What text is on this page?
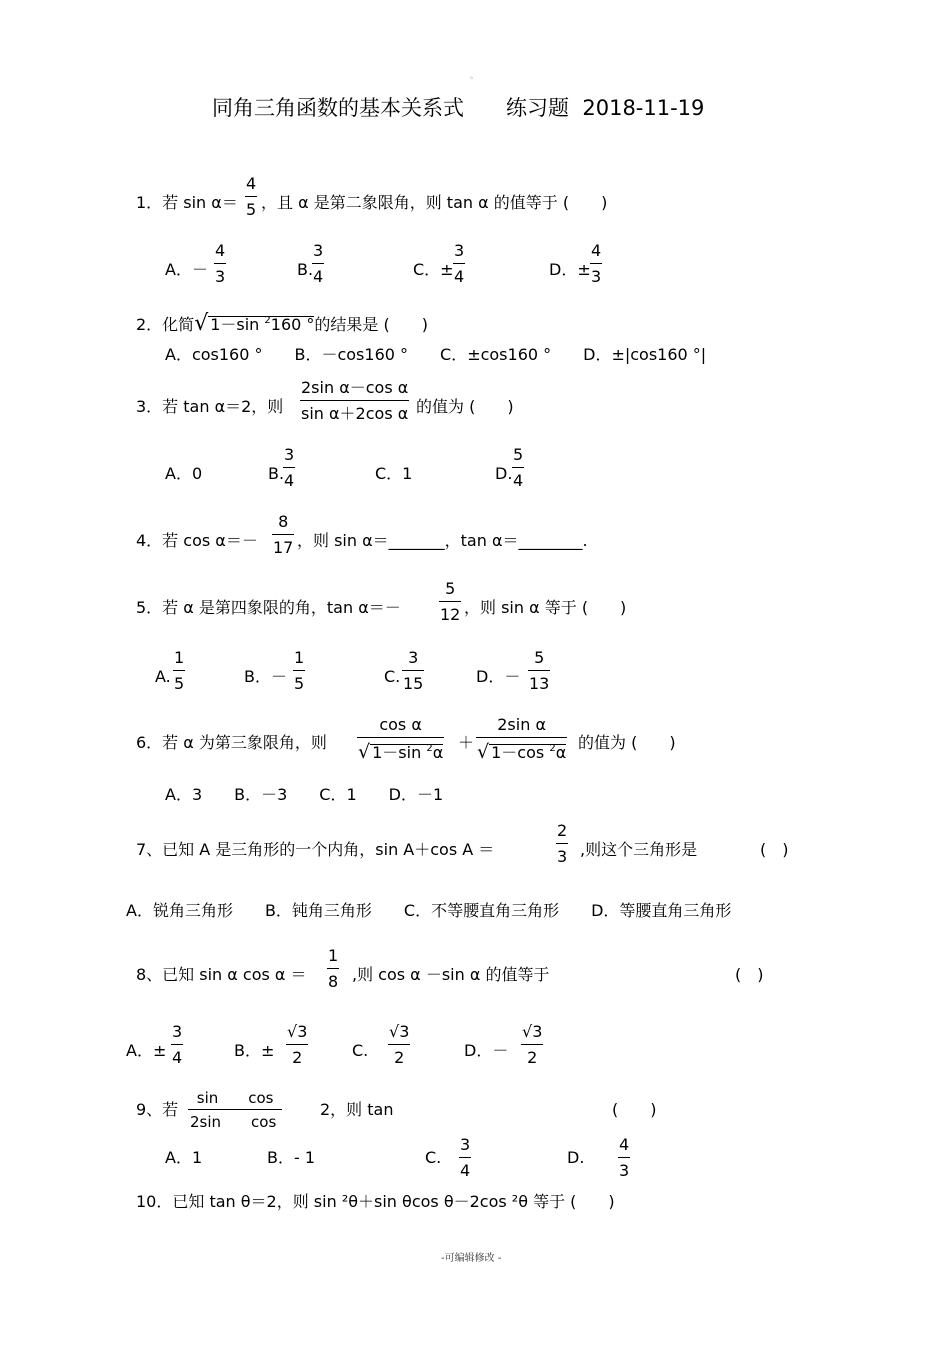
。
同角三角函数的基本关系式 练习题 2018-11-19
1．若 sin α＝
4
5 ，且 α 是第二象限角，则 tan α 的值等于 (　　)
A．－
4
3	B.
3
4	C．±
3
4	D．±
4
3
2．化简√ 1－sin $^2$160 °的结果是 (　　)
A．cos160 °　　B．－cos160 °　　C．±cos160 °　　D．±|cos160 °|
3．若 tan α＝2，则
2sin α－cos α
sin α＋2cos α 的值为 (　　)
A．0	B.
3
4	C．1	D.
5
4
4．若 cos α＝－
8
17 ，则 sin α＝_______，tan α＝________.
5．若 α 是第四象限的角，tan α＝－
5
12 ，则 sin α 等于 (　　)
A.
1
5	B．－
1
5	C.
3
15	D．－
5
13
6．若 α 为第三象限角，则
cos α
√ 1－sin $^2$α
＋
2sin α
√ 1－cos $^2$α
的值为 (　　)
A．3　　B．－3　　C．1　　D．－1
7、已知 A 是三角形的一个内角，sin A＋cos A ＝
2
3 ,则这个三角形是	(　)
A．锐角三角形　　B．钝角三角形　　C．不等腰直角三角形　　D．等腰直角三角形
8、已知 sin α cos α ＝
1
8 ,则 cos α －sin α 的值等于	(　)
A．±
3
4	B．±
√3
2	C.
√3
2	D．－
√3
2
9、若
sin　　cos
2sin　　cos
2，则 tan	(　　)
A．1	B．- 1	C.
3
4
D.
4
3
10．已知 tan θ＝2，则 sin ²θ＋sin θcos θ－2cos ²θ 等于 (　　)
-可编辑修改 -
